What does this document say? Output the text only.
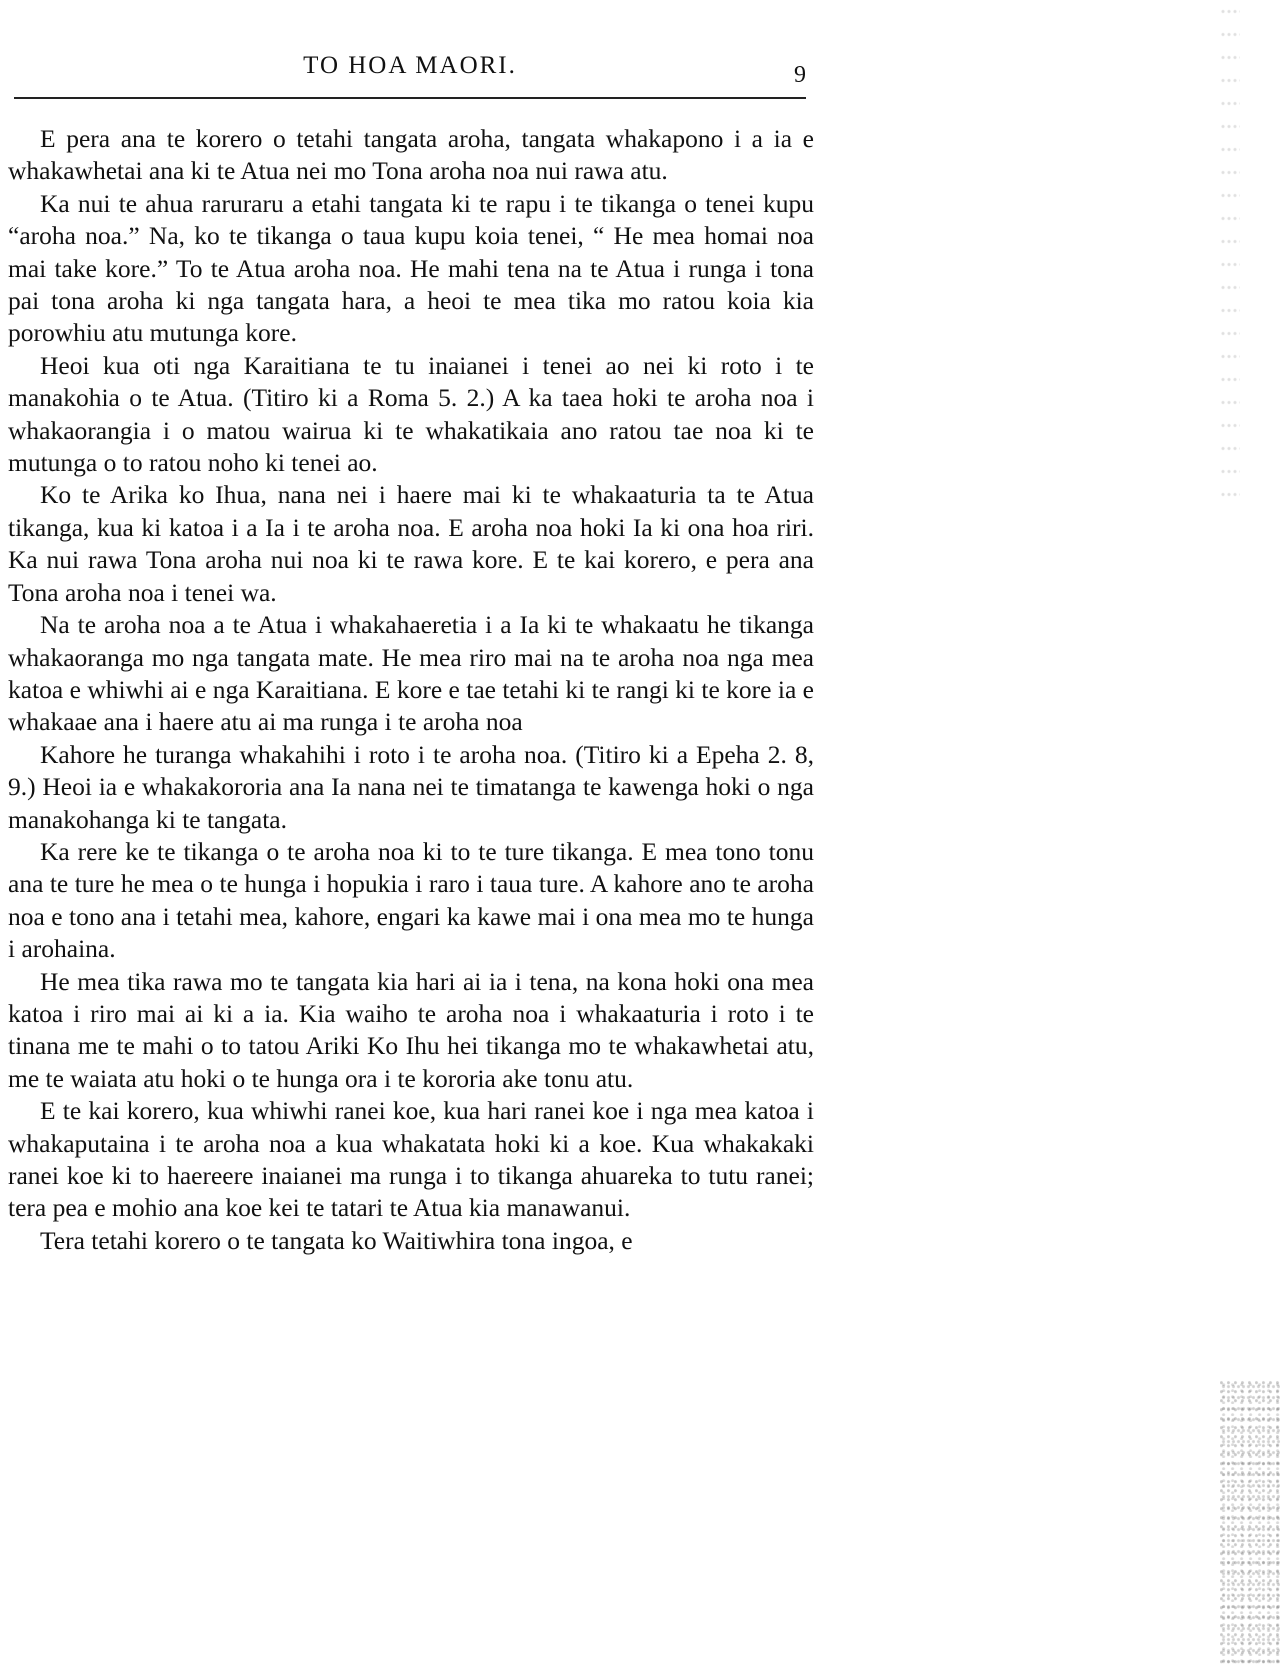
TO HOA MAORI.	9

E pera ana te korero o tetahi tangata aroha, tangata whakapono i a ia e whakawhetai ana ki te Atua nei mo Tona aroha noa nui rawa atu.

Ka nui te ahua raruraru a etahi tangata ki te rapu i te tikanga o tenei kupu “aroha noa.” Na, ko te tikanga o taua kupu koia tenei, “ He mea homai noa mai take kore.” To te Atua aroha noa. He mahi tena na te Atua i runga i tona pai tona aroha ki nga tangata hara, a heoi te mea tika mo ratou koia kia porowhiu atu mutunga kore.

Heoi kua oti nga Karaitiana te tu inaianei i tenei ao nei ki roto i te manakohia o te Atua. (Titiro ki a Roma 5. 2.) A ka taea hoki te aroha noa i whakaorangia i o matou wairua ki te whakatikaia ano ratou tae noa ki te mutunga o to ratou noho ki tenei ao.

Ko te Arika ko Ihua, nana nei i haere mai ki te whakaaturia ta te Atua tikanga, kua ki katoa i a Ia i te aroha noa. E aroha noa hoki Ia ki ona hoa riri. Ka nui rawa Tona aroha nui noa ki te rawa kore. E te kai korero, e pera ana Tona aroha noa i tenei wa.

Na te aroha noa a te Atua i whakahaeretia i a Ia ki te whakaatu he tikanga whakaoranga mo nga tangata mate. He mea riro mai na te aroha noa nga mea katoa e whiwhi ai e nga Karaitiana. E kore e tae tetahi ki te rangi ki te kore ia e whakaae ana i haere atu ai ma runga i te aroha noa

Kahore he turanga whakahihi i roto i te aroha noa. (Titiro ki a Epeha 2. 8, 9.) Heoi ia e whakakororia ana Ia nana nei te timatanga te kawenga hoki o nga manakohanga ki te tangata.

Ka rere ke te tikanga o te aroha noa ki to te ture tikanga. E mea tono tonu ana te ture he mea o te hunga i hopukia i raro i taua ture. A kahore ano te aroha noa e tono ana i tetahi mea, kahore, engari ka kawe mai i ona mea mo te hunga i arohaina.

He mea tika rawa mo te tangata kia hari ai ia i tena, na kona hoki ona mea katoa i riro mai ai ki a ia. Kia waiho te aroha noa i whakaaturia i roto i te tinana me te mahi o to tatou Ariki Ko Ihu hei tikanga mo te whakawhetai atu, me te waiata atu hoki o te hunga ora i te kororia ake tonu atu.

E te kai korero, kua whiwhi ranei koe, kua hari ranei koe i nga mea katoa i whakaputaina i te aroha noa a kua whakatata hoki ki a koe. Kua whakakaki ranei koe ki to haereere inaianei ma runga i to tikanga ahuareka to tutu ranei; tera pea e mohio ana koe kei te tatari te Atua kia manawanui.

Tera tetahi korero o te tangata ko Waitiwhira tona ingoa, e
